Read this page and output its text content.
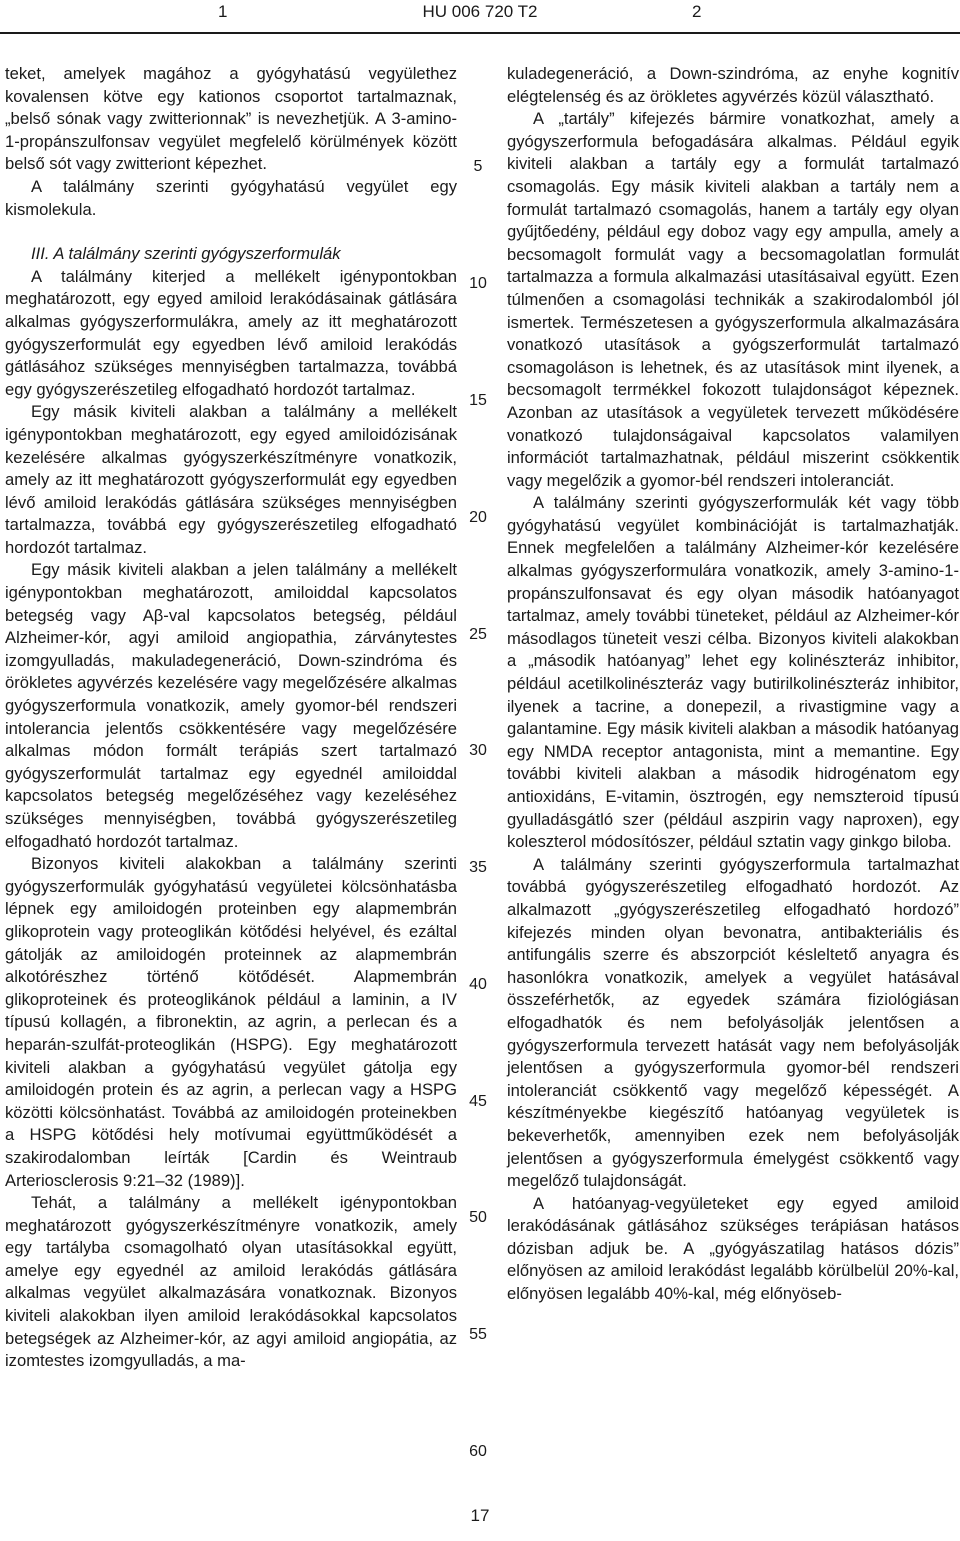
1	HU 006 720 T2	2

teket, amelyek magához a gyógyhatású vegyülethez kovalensen kötve egy kationos csoportot tartalmaznak, „belső sónak vagy zwitterionnak” is nevezhetjük. A 3-amino-1-propánszulfonsav vegyület megfelelő körülmények között belső sót vagy zwitteriont képezhet.

A találmány szerinti gyógyhatású vegyület egy kismolekula.

III. A találmány szerinti gyógyszerformulák

A találmány kiterjed a mellékelt igénypontokban meghatározott, egy egyed amiloid lerakódásainak gátlására alkalmas gyógyszerformulákra, amely az itt meghatározott gyógyszerformulát egy egyedben lévő amiloid lerakódás gátlásához szükséges mennyiségben tartalmazza, továbbá egy gyógyszerészetileg elfogadható hordozót tartalmaz.

Egy másik kiviteli alakban a találmány a mellékelt igénypontokban meghatározott, egy egyed amiloidózisának kezelésére alkalmas gyógyszerkészítményre vonatkozik, amely az itt meghatározott gyógyszerformulát egy egyedben lévő amiloid lerakódás gátlására szükséges mennyiségben tartalmazza, továbbá egy gyógyszerészetileg elfogadható hordozót tartalmaz.

Egy másik kiviteli alakban a jelen találmány a mellékelt igénypontokban meghatározott, amiloiddal kapcsolatos betegség vagy Aβ-val kapcsolatos betegség, például Alzheimer-kór, agyi amiloid angiopathia, zárványtestes izomgyulladás, makuladegeneráció, Down-szindróma és örökletes agyvérzés kezelésére vagy megelőzésére alkalmas gyógyszerformula vonatkozik, amely gyomor-bél rendszeri intolerancia jelentős csökkentésére vagy megelőzésére alkalmas módon formált terápiás szert tartalmazó gyógyszerformulát tartalmaz egy egyednél amiloiddal kapcsolatos betegség megelőzéséhez vagy kezeléséhez szükséges mennyiségben, továbbá gyógyszerészetileg elfogadható hordozót tartalmaz.

Bizonyos kiviteli alakokban a találmány szerinti gyógyszerformulák gyógyhatású vegyületei kölcsönhatásba lépnek egy amiloidogén proteinben egy alapmembrán glikoprotein vagy proteoglikán kötődési helyével, és ezáltal gátolják az amiloidogén proteinnek az alapmembrán alkotórészhez történő kötődését. Alapmembrán glikoproteinek és proteoglikánok például a laminin, a IV típusú kollagén, a fibronektin, az agrin, a perlecan és a heparán-szulfát-proteoglikán (HSPG). Egy meghatározott kiviteli alakban a gyógyhatású vegyület gátolja egy amiloidogén protein és az agrin, a perlecan vagy a HSPG közötti kölcsönhatást. Továbbá az amiloidogén proteinekben a HSPG kötődési hely motívumai együttműködését a szakirodalomban leírták [Cardin és Weintraub Arteriosclerosis 9:21–32 (1989)].

Tehát, a találmány a mellékelt igénypontokban meghatározott gyógyszerkészítményre vonatkozik, amely egy tartályba csomagolható olyan utasításokkal együtt, amelye egy egyednél az amiloid lerakódás gátlására alkalmas vegyület alkalmazására vonatkoznak. Bizonyos kiviteli alakokban ilyen amiloid lerakódásokkal kapcsolatos betegségek az Alzheimer-kór, az agyi amiloid angiopátia, az izomtestes izomgyulladás, a ma-

kuladegeneráció, a Down-szindróma, az enyhe kognitív elégtelenség és az örökletes agyvérzés közül választható.

A „tartály” kifejezés bármire vonatkozhat, amely a gyógyszerformula befogadására alkalmas. Például egyik kiviteli alakban a tartály egy a formulát tartalmazó csomagolás. Egy másik kiviteli alakban a tartály nem a formulát tartalmazó csomagolás, hanem a tartály egy olyan gyűjtőedény, például egy doboz vagy egy ampulla, amely a becsomagolt formulát vagy a becsomagolatlan formulát tartalmazza a formula alkalmazási utasításaival együtt. Ezen túlmenően a csomagolási technikák a szakirodalomból jól ismertek. Természetesen a gyógyszerformula alkalmazására vonatkozó utasítások a gyógszerformulát tartalmazó csomagoláson is lehetnek, és az utasítások mint ilyenek, a becsomagolt terrmékkel fokozott tulajdonságot képeznek. Azonban az utasítások a vegyületek tervezett működésére vonatkozó tulajdonságaival kapcsolatos valamilyen információt tartalmazhatnak, például miszerint csökkentik vagy megelőzik a gyomor-bél rendszeri intoleranciát.

A találmány szerinti gyógyszerformulák két vagy több gyógyhatású vegyület kombinációját is tartalmazhatják. Ennek megfelelően a találmány Alzheimer-kór kezelésére alkalmas gyógyszerformulára vonatkozik, amely 3-amino-1-propánszulfonsavat és egy olyan második hatóanyagot tartalmaz, amely további tüneteket, például az Alzheimer-kór másodlagos tüneteit veszi célba. Bizonyos kiviteli alakokban a „második hatóanyag” lehet egy kolinészteráz inhibitor, például acetilkolinészteráz vagy butirilkolinészteráz inhibitor, ilyenek a tacrine, a donepezil, a rivastigmine vagy a galantamine. Egy másik kiviteli alakban a második hatóanyag egy NMDA receptor antagonista, mint a memantine. Egy további kiviteli alakban a második hidrogénatom egy antioxidáns, E-vitamin, ösztrogén, egy nemszteroid típusú gyulladásgátló szer (például aszpirin vagy naproxen), egy koleszterol módosítószer, például sztatin vagy ginkgo biloba.

A találmány szerinti gyógyszerformula tartalmazhat továbbá gyógyszerészetileg elfogadható hordozót. Az alkalmazott „gyógyszerészetileg elfogadható hordozó” kifejezés minden olyan bevonatra, antibakteriális és antifungális szerre és abszorpciót késleltető anyagra és hasonlókra vonatkozik, amelyek a vegyület hatásával összeférhetők, az egyedek számára fiziológiásan elfogadhatók és nem befolyásolják jelentősen a gyógyszerformula tervezett hatását vagy nem befolyásolják jelentősen a gyógyszerformula gyomor-bél rendszeri intoleranciát csökkentő vagy megelőző képességét. A készítményekbe kiegészítő hatóanyag vegyületek is bekeverhetők, amennyiben ezek nem befolyásolják jelentősen a gyógyszerformula émelygést csökkentő vagy megelőző tulajdonságát.

A hatóanyag-vegyületeket egy egyed amiloid lerakódásának gátlásához szükséges terápiásan hatásos dózisban adjuk be. A „gyógyászatilag hatásos dózis” előnyösen az amiloid lerakódást legalább körülbelül 20%-kal, előnyösen legalább 40%-kal, még előnyöseb-

5
10
15
20
25
30
35
40
45
50
55
60
17
